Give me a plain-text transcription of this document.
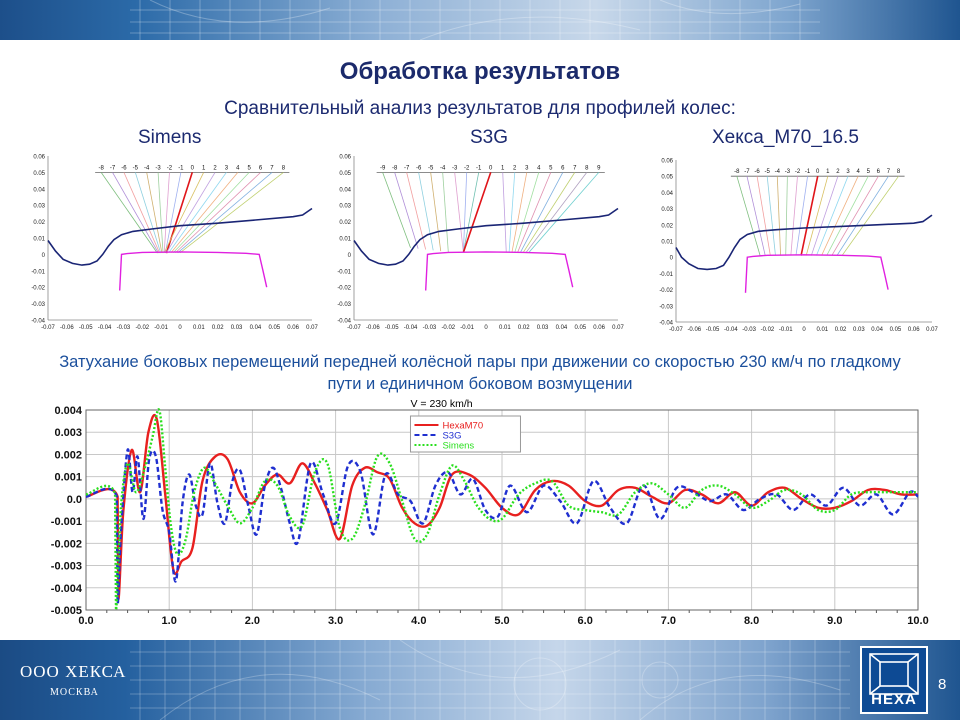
ООО ХЕКСА
МОСКВА	HEXA
8
Обработка результатов
Сравнительный анализ результатов для профилей колес:
Simens	S3G	Хекса_М70_16.5
0.06
0.05
0.04
0.03
0.02
0.01
0
-0.01
-0.02
-0.03
-0.04
-0.07 -0.06 -0.05 -0.04 -0.03 -0.02 -0.01 0 0.01 0.02 0.03 0.04 0.05 0.06 0.07
-8 -7 -6 -5 -4 -3 -2 -1 0 1 2 3 4 5 6 7 8
0.06
0.05
0.04
0.03
0.02
0.01
0
-0.01
-0.02
-0.03
-0.04
-0.07 -0.06 -0.05 -0.04 -0.03 -0.02 -0.01 0 0.01 0.02 0.03 0.04 0.05 0.06 0.07
-9 -8 -7 -6 -5 -4 -3 -2 -1 0 1 2 3 4 5 6 7 8 9
0.06
0.05
0.04
0.03
0.02
0.01
0
-0.01
-0.02
-0.03
-0.04
-0.07 -0.06 -0.05 -0.04 -0.03 -0.02 -0.01 0 0.01 0.02 0.03 0.04 0.05 0.06 0.07
-8 -7 -6 -5 -4 -3 -2 -1 0 1 2 3 4 5 6 7 8
Затухание боковых перемещений передней колёсной пары при движении со скоростью 230 км/ч по гладкому пути и единичном боковом возмущении
0.0	1.0	2.0	3.0	4.0	5.0	6.0	7.0	8.0	9.0	10.0
0.004
0.003
0.002
0.001
0.0
-0.001
-0.002
-0.003
-0.004
-0.005
V = 230 km/h
HexaM70
S3G
Simens
